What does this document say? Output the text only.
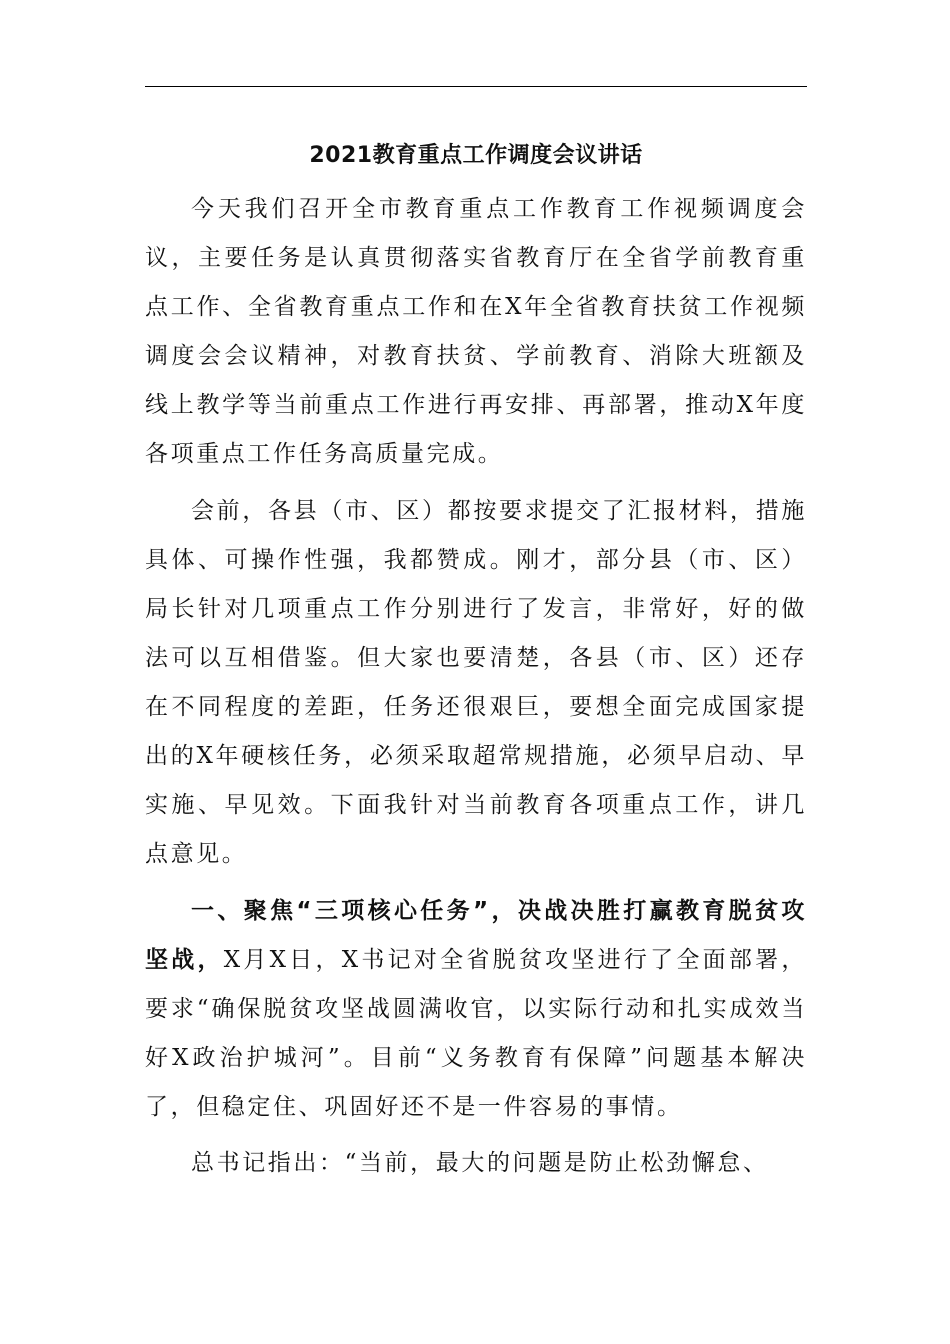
2021教育重点工作调度会议讲话

今天我们召开全市教育重点工作教育工作视频调度会议，主要任务是认真贯彻落实省教育厅在全省学前教育重点工作、全省教育重点工作和在X年全省教育扶贫工作视频调度会会议精神，对教育扶贫、学前教育、消除大班额及线上教学等当前重点工作进行再安排、再部署，推动X年度各项重点工作任务高质量完成。

会前，各县（市、区）都按要求提交了汇报材料，措施具体、可操作性强，我都赞成。刚才，部分县（市、区）局长针对几项重点工作分别进行了发言，非常好，好的做法可以互相借鉴。但大家也要清楚，各县（市、区）还存在不同程度的差距，任务还很艰巨，要想全面完成国家提出的X年硬核任务，必须采取超常规措施，必须早启动、早实施、早见效。下面我针对当前教育各项重点工作，讲几点意见。

一、聚焦“三项核心任务”，决战决胜打赢教育脱贫攻坚战，X月X日，X书记对全省脱贫攻坚进行了全面部署，要求“确保脱贫攻坚战圆满收官，以实际行动和扎实成效当好X政治护城河”。目前“义务教育有保障”问题基本解决了，但稳定住、巩固好还不是一件容易的事情。

总书记指出：“当前，最大的问题是防止松劲懈怠、
